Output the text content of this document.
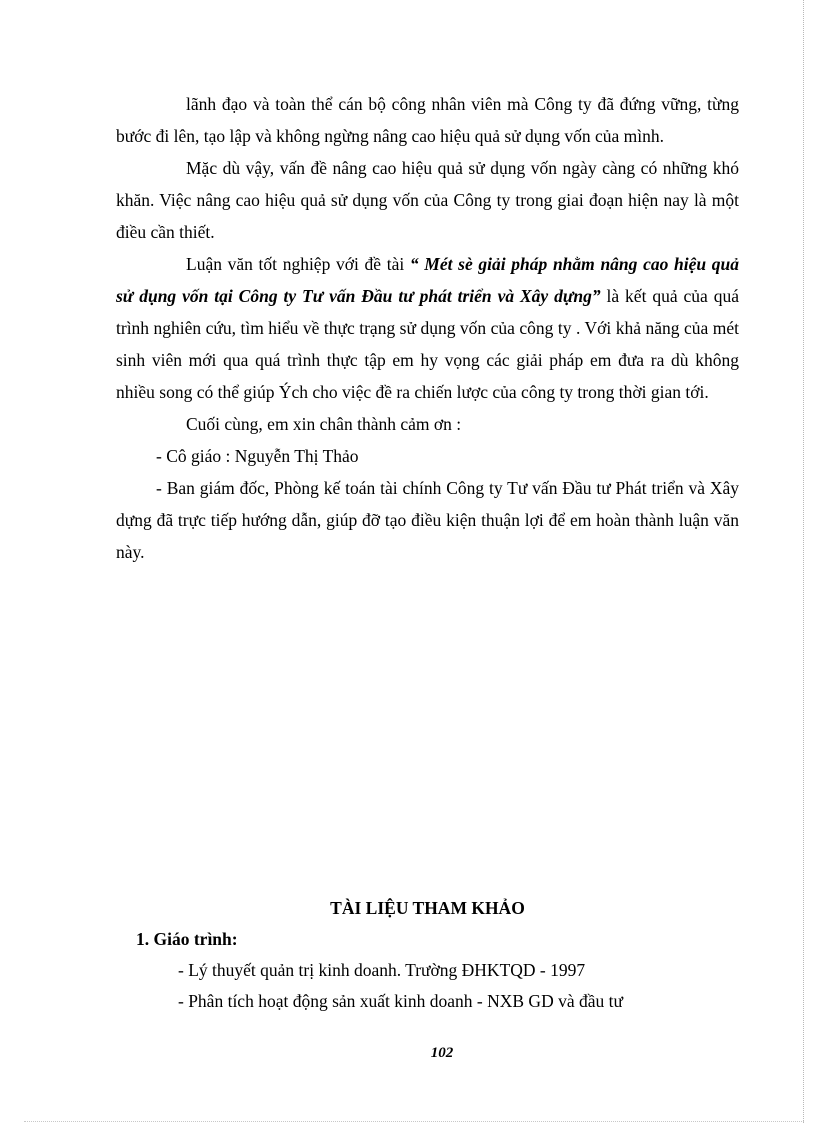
lãnh đạo và toàn thể cán bộ công nhân viên mà Công ty đã đứng vững, từng bước đi lên, tạo lập và không ngừng nâng cao hiệu quả sử dụng vốn của mình.

Mặc dù vậy, vấn đề nâng cao hiệu quả sử dụng vốn ngày càng có những khó khăn. Việc nâng cao hiệu quả sử dụng vốn của Công ty trong giai đoạn hiện nay là một điều cần thiết.

Luận văn tốt nghiệp với đề tài “ Mét sè giải pháp nhằm nâng cao hiệu quả sử dụng vốn tại Công ty Tư vấn Đầu tư phát triển và Xây dựng” là kết quả của quá trình nghiên cứu, tìm hiểu về thực trạng sử dụng vốn của công ty . Với khả năng của mét sinh viên mới qua quá trình thực tập em hy vọng các giải pháp em đưa ra dù không nhiều song có thể giúp Ých cho việc đề ra chiến lược của công ty trong thời gian tới.

Cuối cùng, em xin chân thành cảm ơn :

- Cô giáo : Nguyễn Thị Thảo

- Ban giám đốc, Phòng kế toán tài chính Công ty Tư vấn Đầu tư Phát triển và Xây dựng đã trực tiếp hướng dẫn, giúp đỡ tạo điều kiện thuận lợi để em hoàn thành luận văn này.

TÀI LIỆU THAM KHẢO
1. Giáo trình:
- Lý thuyết quản trị kinh doanh. Trường ĐHKTQD - 1997
- Phân tích hoạt động sản xuất kinh doanh - NXB GD và đầu tư
102
